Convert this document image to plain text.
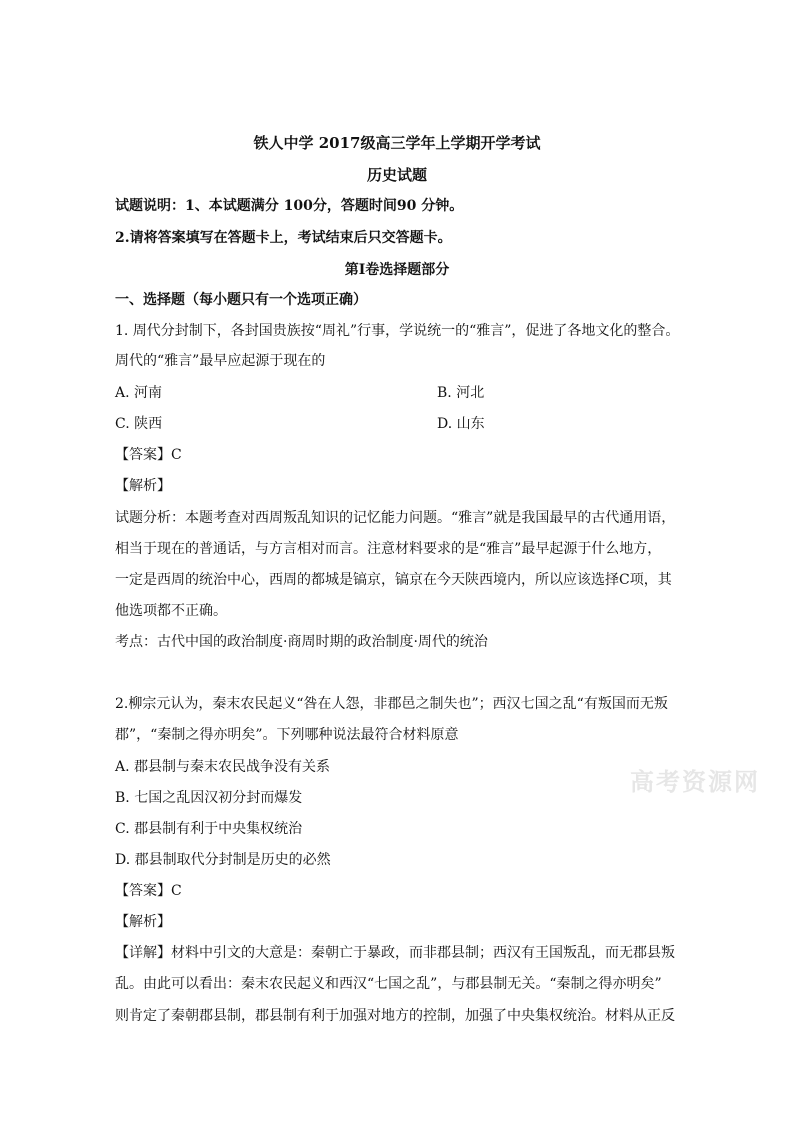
铁人中学 2017级高三学年上学期开学考试
历史试题
试题说明：1、本试题满分 100分，答题时间90 分钟。
2.请将答案填写在答题卡上，考试结束后只交答题卡。
第Ⅰ卷选择题部分
一、选择题（每小题只有一个选项正确）
1. 周代分封制下，各封国贵族按“周礼”行事，学说统一的“雅言”，促进了各地文化的整合。
周代的“雅言”最早应起源于现在的
A. 河南	B. 河北
C. 陕西	D. 山东
【答案】C
【解析】
试题分析：本题考查对西周叛乱知识的记忆能力问题。“雅言”就是我国最早的古代通用语，
相当于现在的普通话，与方言相对而言。注意材料要求的是“雅言”最早起源于什么地方，
一定是西周的统治中心，西周的都城是镐京，镐京在今天陕西境内，所以应该选择C项，其
他选项都不正确。
考点：古代中国的政治制度·商周时期的政治制度·周代的统治
2.柳宗元认为，秦末农民起义“咎在人怨，非郡邑之制失也”；西汉七国之乱“有叛国而无叛
郡”，“秦制之得亦明矣”。下列哪种说法最符合材料原意
A. 郡县制与秦末农民战争没有关系
B. 七国之乱因汉初分封而爆发
C. 郡县制有利于中央集权统治
D. 郡县制取代分封制是历史的必然
【答案】C
【解析】
【详解】材料中引文的大意是：秦朝亡于暴政，而非郡县制；西汉有王国叛乱，而无郡县叛
乱。由此可以看出：秦末农民起义和西汉“七国之乱”，与郡县制无关。“秦制之得亦明矣”
则肯定了秦朝郡县制，郡县制有利于加强对地方的控制，加强了中央集权统治。材料从正反
高考资源网
